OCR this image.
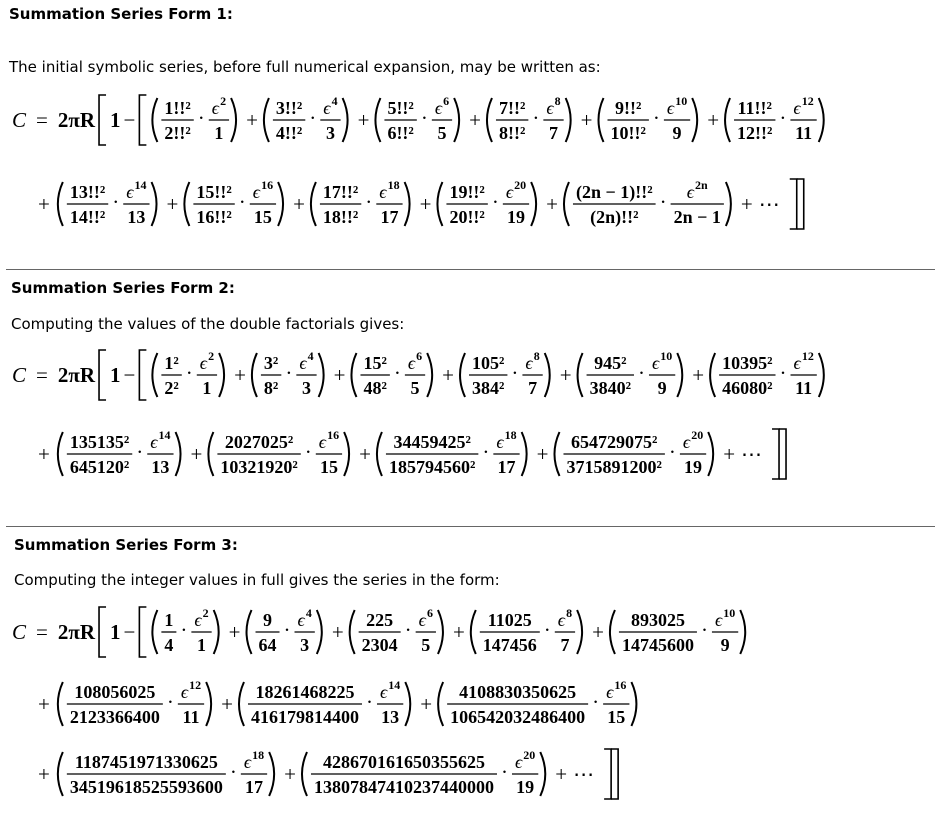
Summation Series Form 1:
The initial symbolic series, before full numerical expansion, may be written as:
C = 2πR 1 − 1!!²
2!!²
· ϵ 2
1
+ 3!!²
4!!²
· ϵ 4
3
+ 5!!²
6!!²
· ϵ 6
5
+ 7!!²
8!!²
· ϵ 8
7
+ 9!!²
10!!²
· ϵ 10
9
+ 11!!²
12!!²
· ϵ 12
11
+ 13!!²
14!!²
· ϵ 14
13
+ 15!!²
16!!²
· ϵ 16
15
+ 17!!²
18!!²
· ϵ 18
17
+ 19!!²
20!!²
· ϵ 20
19
+ (2n − 1)!!²
(2n)!!²
· ϵ 2n
2n − 1
+ ⋯
Summation Series Form 2:
Computing the values of the double factorials gives:
C = 2πR 1 − 1²
2²
· ϵ 2
1
+ 3²
8²
· ϵ 4
3
+ 15²
48²
· ϵ 6
5
+ 105²
384²
· ϵ 8
7
+ 945²
3840²
· ϵ 10
9
+ 10395²
46080²
· ϵ 12
11
+ 135135²
645120²
· ϵ 14
13
+ 2027025²
10321920²
· ϵ 16
15
+ 34459425²
185794560²
· ϵ 18
17
+ 654729075²
3715891200²
· ϵ 20
19
+ ⋯
Summation Series Form 3:
Computing the integer values in full gives the series in the form:
C = 2πR 1 − 1
4
· ϵ 2
1
+ 9
64
· ϵ 4
3
+ 225
2304
· ϵ 6
5
+ 11025
147456
· ϵ 8
7
+ 893025
14745600
· ϵ 10
9
+ 108056025
2123366400
· ϵ 12
11
+ 18261468225
416179814400
· ϵ 14
13
+ 4108830350625
106542032486400
· ϵ 16
15
+ 1187451971330625
34519618525593600
· ϵ 18
17
+ 428670161650355625
13807847410237440000
· ϵ 20
19
+ ⋯
